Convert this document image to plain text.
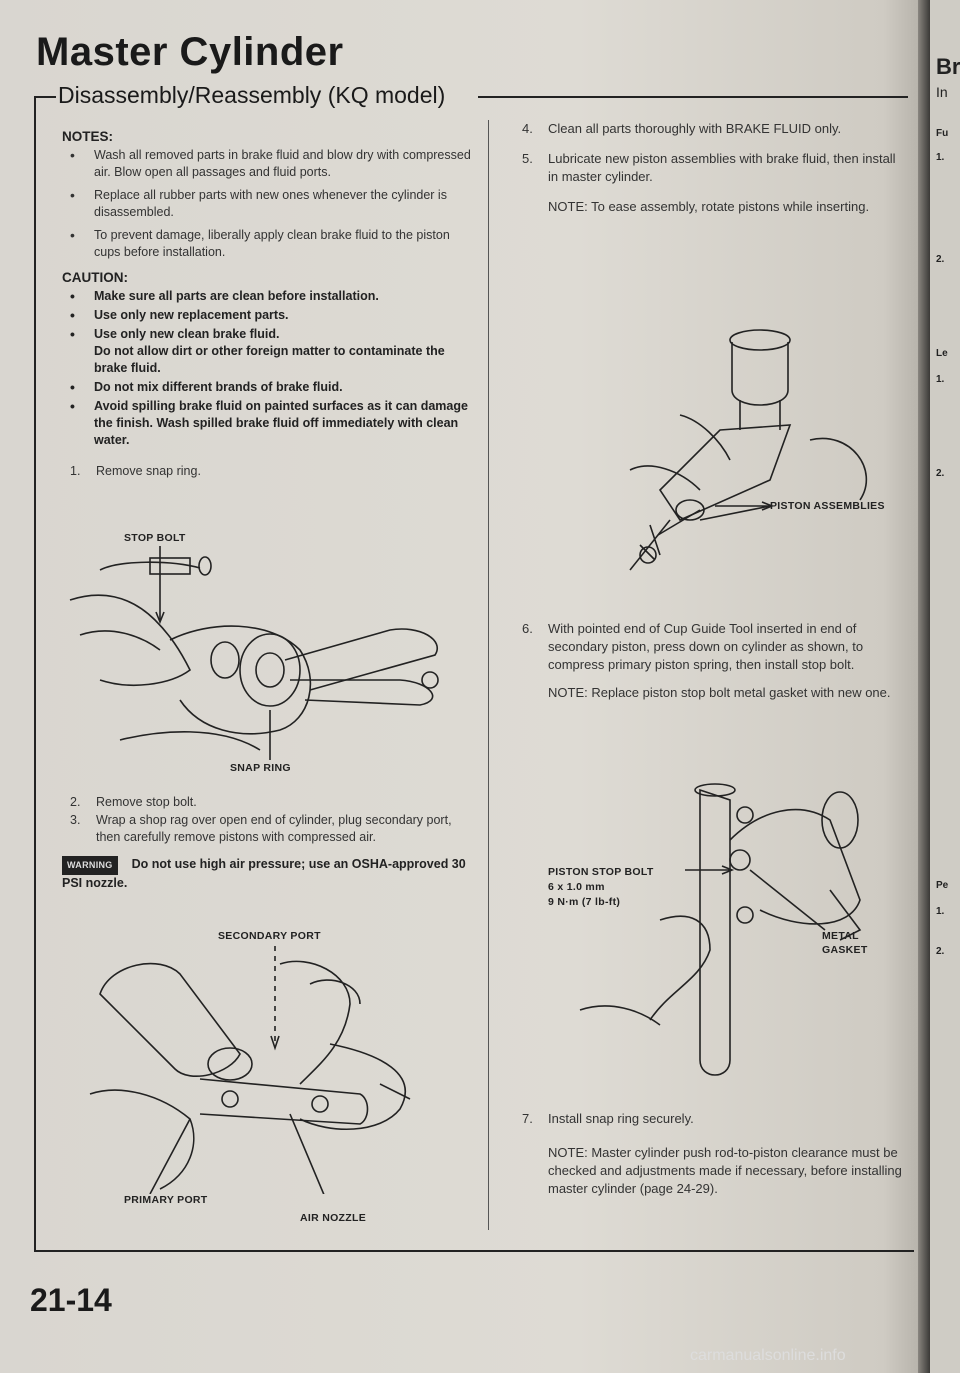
Master Cylinder
Disassembly/Reassembly (KQ model)

NOTES:

• Wash all removed parts in brake fluid and blow dry with compressed air. Blow open all passages and fluid ports.

• Replace all rubber parts with new ones whenever the cylinder is disassembled.

• To prevent damage, liberally apply clean brake fluid to the piston cups before installation.

CAUTION:

• Make sure all parts are clean before installation.

• Use only new replacement parts.

• Use only new clean brake fluid.

Do not allow dirt or other foreign matter to contaminate the brake fluid.

• Do not mix different brands of brake fluid.

• Avoid spilling brake fluid on painted surfaces as it can damage the finish. Wash spilled brake fluid off immediately with clean water.

1. Remove snap ring.

STOP BOLT
SNAP RING

2. Remove stop bolt.

3. Wrap a shop rag over open end of cylinder, plug secondary port, then carefully remove pistons with compressed air.

WARNING Do not use high air pressure; use an OSHA-approved 30 PSI nozzle.

SECONDARY PORT
PRIMARY PORT
AIR NOZZLE

4. Clean all parts thoroughly with BRAKE FLUID only.

5. Lubricate new piston assemblies with brake fluid, then install in master cylinder.

NOTE: To ease assembly, rotate pistons while inserting.

PISTON ASSEMBLIES

6. With pointed end of Cup Guide Tool inserted in end of secondary piston, press down on cylinder as shown, to compress primary piston spring, then install stop bolt.

NOTE: Replace piston stop bolt metal gasket with new one.

PISTON STOP BOLT
6 x 1.0 mm
9 N·m (7 lb-ft)
METAL
GASKET

7. Install snap ring securely.

NOTE: Master cylinder push rod-to-piston clearance must be checked and adjustments made if necessary, before installing master cylinder (page 24-29).

21-14
carmanualsonline.info
Br
In
Fu
1.
2.
Le
1.
2.
Pe
1.
2.
